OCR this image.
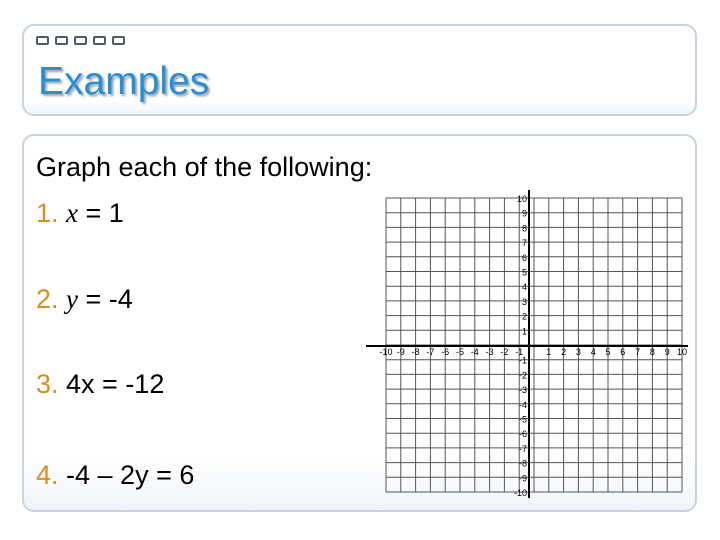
Examples
Graph each of the following:
1. x = 1
2. y = -4
3. 4x = -12
4. -4 – 2y = 6
-10 -9 -8 -7 -6 -5 -4 -3 -2 -1	1 2 3 4 5 6 7 8 9 10
10
9
8
7
6
5
4
3
2
1
-1
-2
-3
-4
-5
-6
-7
-8
-9
-10
